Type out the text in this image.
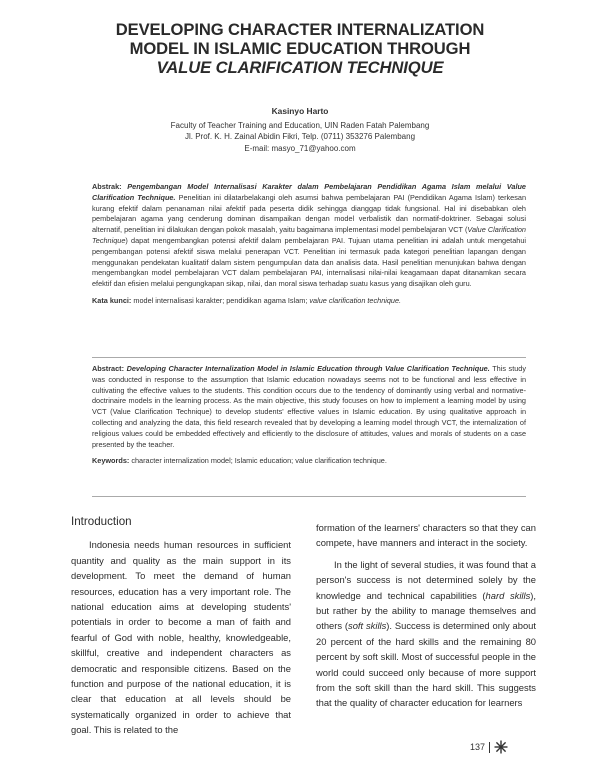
DEVELOPING CHARACTER INTERNALIZATION
MODEL IN ISLAMIC EDUCATION THROUGH
VALUE CLARIFICATION TECHNIQUE
Kasinyo Harto
Faculty of Teacher Training and Education, UIN Raden Fatah Palembang
Jl. Prof. K. H. Zainal Abidin Fikri, Telp. (0711) 353276 Palembang
E-mail: masyo_71@yahoo.com
Abstrak: Pengembangan Model Internalisasi Karakter dalam Pembelajaran Pendidikan Agama Islam melalui Value Clarification Technique. Penelitian ini dilatarbelakangi oleh asumsi bahwa pembelajaran PAI (Pendidikan Agama Islam) terkesan kurang efektif dalam penanaman nilai afektif pada peserta didik sehingga dianggap tidak fungsional. Hal ini disebabkan oleh pembelajaran agama yang cenderung dominan disampaikan dengan model verbalistik dan normatif-doktriner. Sebagai solusi alternatif, penelitian ini dilakukan dengan pokok masalah, yaitu bagaimana implementasi model pembelajaran VCT (Value Clarification Technique) dapat mengembangkan potensi afektif dalam pembelajaran PAI. Tujuan utama penelitian ini adalah untuk mengetahui pengembangan potensi afektif siswa melalui penerapan VCT. Penelitian ini termasuk pada kategori penelitian lapangan dengan menggunakan pendekatan kualitatif dalam sistem pengumpulan data dan analisis data. Hasil penelitian menunjukan bahwa dengan mengembangkan model pembelajaran VCT dalam pembelajaran PAI, internalisasi nilai-nilai keagamaan dapat ditanamkan secara efektif dan efisien melalui pengungkapan sikap, nilai, dan moral siswa terhadap suatu kasus yang disajikan oleh guru.
Kata kunci: model internalisasi karakter; pendidikan agama Islam; value clarification technique.
Abstract: Developing Character Internalization Model in Islamic Education through Value Clarification Technique. This study was conducted in response to the assumption that Islamic education nowadays seems not to be functional and less effective in cultivating the effective values to the students. This condition occurs due to the tendency of dominantly using verbal and normative-doctrinaire models in the learning process. As the main objective, this study focuses on how to implement a learning model by using VCT (Value Clarification Technique) to develop students' effective values in Islamic education. By using qualitative approach in collecting and analyzing the data, this field research revealed that by developing a learning model through VCT, the internalization of religious values could be embedded effectively and efficiently to the disclosure of attitudes, values and morals of students on a case presented by the teacher.
Keywords: character internalization model; Islamic education; value clarification technique.
Introduction

Indonesia needs human resources in sufficient quantity and quality as the main support in its development. To meet the demand of human resources, education has a very important role. The national education aims at developing students' potentials in order to become a man of faith and fearful of God with noble, healthy, knowledgeable, skillful, creative and independent characters as democratic and responsible citizens. Based on the function and purpose of the national education, it is clear that education at all levels should be systematically organized in order to achieve that goal. This is related to the

formation of the learners' characters so that they can compete, have manners and interact in the society.

In the light of several studies, it was found that a person's success is not determined solely by the knowledge and technical capabilities (hard skills), but rather by the ability to manage themselves and others (soft skills). Success is determined only about 20 percent of the hard skills and the remaining 80 percent by soft skill. Most of successful people in the world could succeed only because of more support from the soft skill than the hard skill. This suggests that the quality of character education for learners

137
